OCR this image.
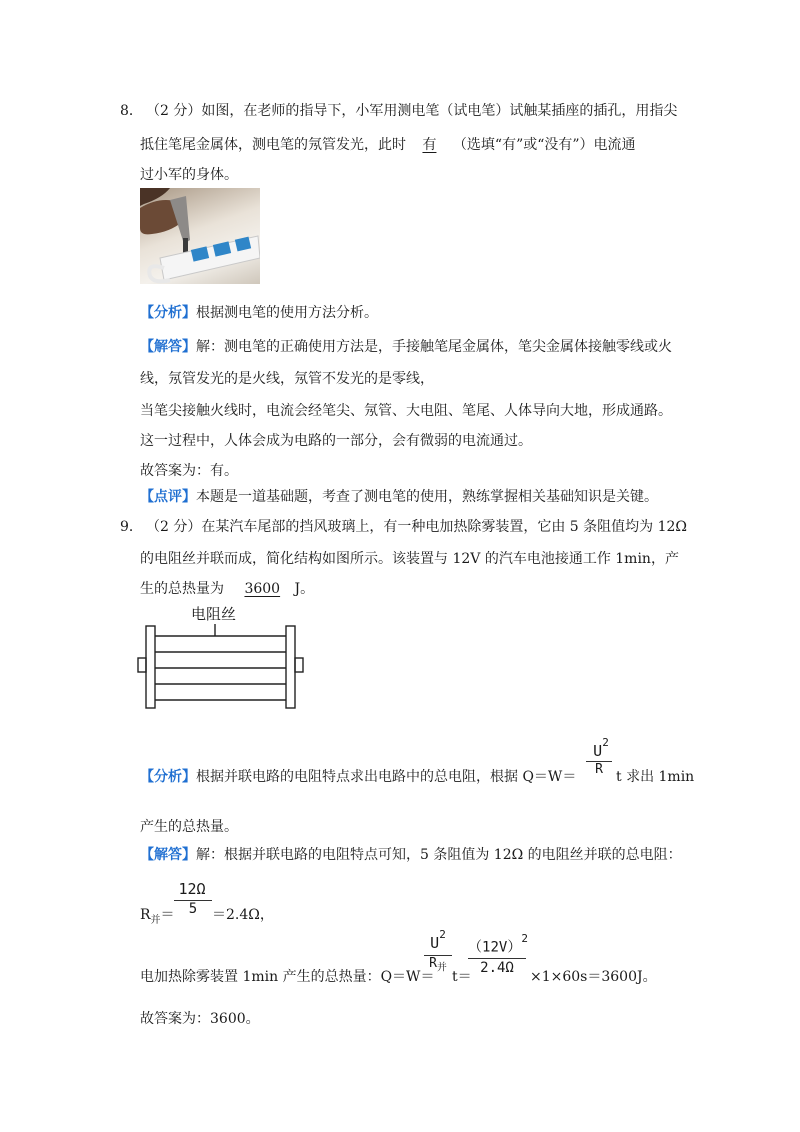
8． （2 分）如图，在老师的指导下，小军用测电笔（试电笔）试触某插座的插孔，用指尖
抵住笔尾金属体，测电笔的氖管发光，此时 有 （选填“有”或“没有”）电流通
过小军的身体。
【分析】根据测电笔的使用方法分析。
【解答】解：测电笔的正确使用方法是，手接触笔尾金属体，笔尖金属体接触零线或火
线，氖管发光的是火线，氖管不发光的是零线，
当笔尖接触火线时，电流会经笔尖、氖管、大电阻、笔尾、人体导向大地，形成通路。
这一过程中，人体会成为电路的一部分，会有微弱的电流通过。
故答案为：有。
【点评】本题是一道基础题，考查了测电笔的使用，熟练掌握相关基础知识是关键。
9． （2 分）在某汽车尾部的挡风玻璃上，有一种电加热除雾装置，它由 5 条阻值均为 12Ω
的电阻丝并联而成，简化结构如图所示。该装置与 12V 的汽车电池接通工作 1min，产
生的总热量为 3600 J。
电阻丝
【分析】根据并联电路的电阻特点求出电路中的总电阻，根据 Q＝W＝
$U^2$
R t 求出 1min
产生的总热量。
【解答】解：根据并联电路的电阻特点可知，5 条阻值为 12Ω 的电阻丝并联的总电阻：
$R_并=$
12Ω
5	＝2.4Ω，
电加热除雾装置 1min 产生的总热量：Q＝W＝
$U^2$
$R_并$
t＝
$(12V)^2$
2.4Ω
×1×60s＝3600J。
故答案为：3600。
